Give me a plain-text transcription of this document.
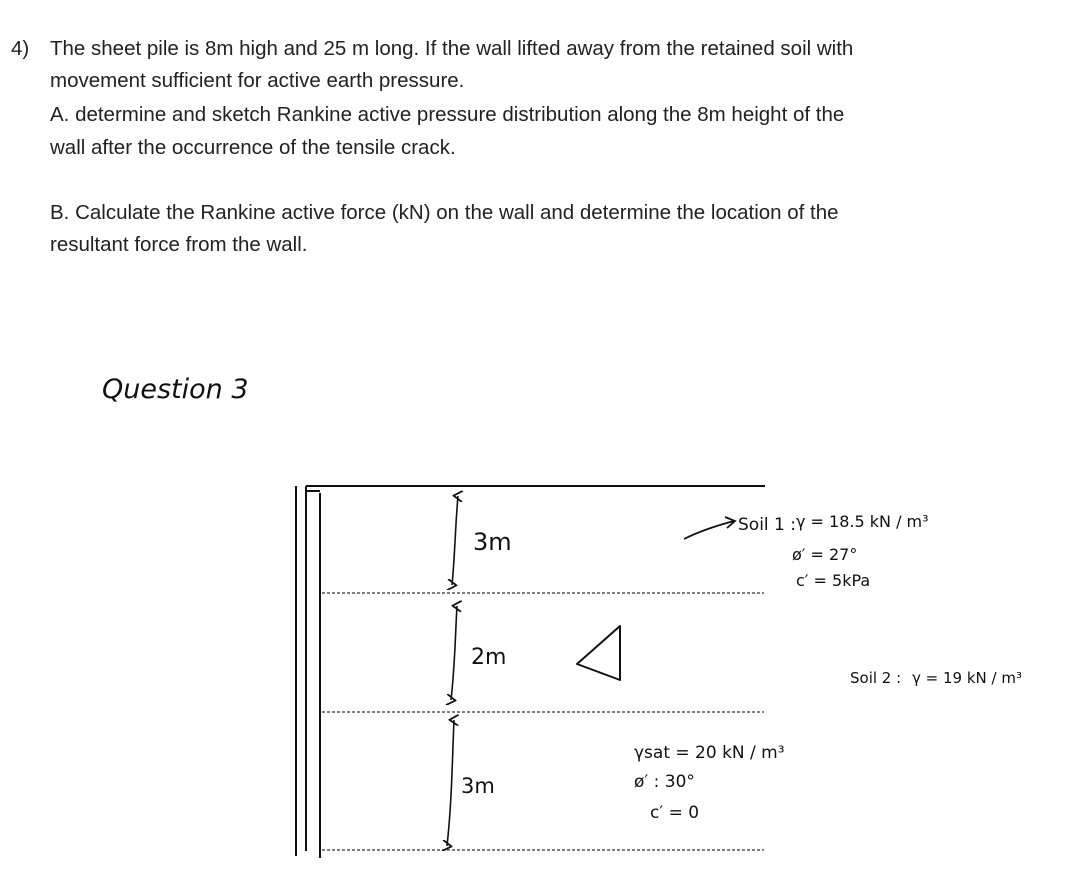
4) The sheet pile is 8m high and 25 m long. If the wall lifted away from the retained soil with

movement sufficient for active earth pressure.

A. determine and sketch Rankine active pressure distribution along the 8m height of the

wall after the occurrence of the tensile crack.

B. Calculate the Rankine active force (kN) on the wall and determine the location of the

resultant force from the wall.

Question 3
3m
2m
3m
Soil 1 : γ = 18.5 kN / m³
ø′ = 27°
c′ = 5kPa
Soil 2 : γ = 19 kN / m³
γsat = 20 kN / m³
ø′ : 30°
c′ = 0
